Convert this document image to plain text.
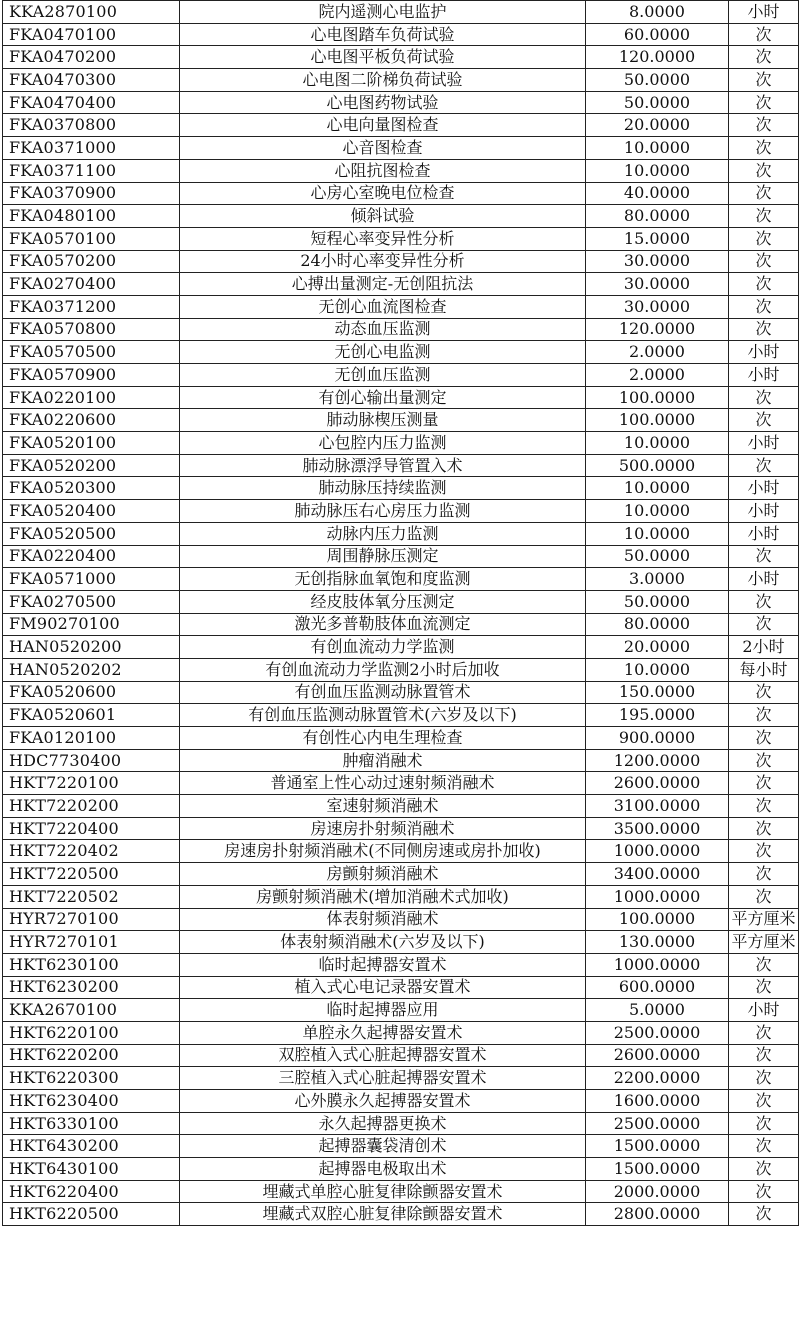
KKA2870100	院内遥测心电监护	8.0000	小时
FKA0470100	心电图踏车负荷试验	60.0000	次
FKA0470200	心电图平板负荷试验	120.0000	次
FKA0470300	心电图二阶梯负荷试验	50.0000	次
FKA0470400	心电图药物试验	50.0000	次
FKA0370800	心电向量图检查	20.0000	次
FKA0371000	心音图检查	10.0000	次
FKA0371100	心阻抗图检查	10.0000	次
FKA0370900	心房心室晚电位检查	40.0000	次
FKA0480100	倾斜试验	80.0000	次
FKA0570100	短程心率变异性分析	15.0000	次
FKA0570200	24小时心率变异性分析	30.0000	次
FKA0270400	心搏出量测定-无创阻抗法	30.0000	次
FKA0371200	无创心血流图检查	30.0000	次
FKA0570800	动态血压监测	120.0000	次
FKA0570500	无创心电监测	2.0000	小时
FKA0570900	无创血压监测	2.0000	小时
FKA0220100	有创心输出量测定	100.0000	次
FKA0220600	肺动脉楔压测量	100.0000	次
FKA0520100	心包腔内压力监测	10.0000	小时
FKA0520200	肺动脉漂浮导管置入术	500.0000	次
FKA0520300	肺动脉压持续监测	10.0000	小时
FKA0520400	肺动脉压右心房压力监测	10.0000	小时
FKA0520500	动脉内压力监测	10.0000	小时
FKA0220400	周围静脉压测定	50.0000	次
FKA0571000	无创指脉血氧饱和度监测	3.0000	小时
FKA0270500	经皮肢体氧分压测定	50.0000	次
FM90270100	激光多普勒肢体血流测定	80.0000	次
HAN0520200	有创血流动力学监测	20.0000	2小时
HAN0520202	有创血流动力学监测2小时后加收	10.0000	每小时
FKA0520600	有创血压监测动脉置管术	150.0000	次
FKA0520601	有创血压监测动脉置管术(六岁及以下)	195.0000	次
FKA0120100	有创性心内电生理检查	900.0000	次
HDC7730400	肿瘤消融术	1200.0000	次
HKT7220100	普通室上性心动过速射频消融术	2600.0000	次
HKT7220200	室速射频消融术	3100.0000	次
HKT7220400	房速房扑射频消融术	3500.0000	次
HKT7220402	房速房扑射频消融术(不同侧房速或房扑加收)	1000.0000	次
HKT7220500	房颤射频消融术	3400.0000	次
HKT7220502	房颤射频消融术(增加消融术式加收)	1000.0000	次
HYR7270100	体表射频消融术	100.0000	平方厘米
HYR7270101	体表射频消融术(六岁及以下)	130.0000	平方厘米
HKT6230100	临时起搏器安置术	1000.0000	次
HKT6230200	植入式心电记录器安置术	600.0000	次
KKA2670100	临时起搏器应用	5.0000	小时
HKT6220100	单腔永久起搏器安置术	2500.0000	次
HKT6220200	双腔植入式心脏起搏器安置术	2600.0000	次
HKT6220300	三腔植入式心脏起搏器安置术	2200.0000	次
HKT6230400	心外膜永久起搏器安置术	1600.0000	次
HKT6330100	永久起搏器更换术	2500.0000	次
HKT6430200	起搏器囊袋清创术	1500.0000	次
HKT6430100	起搏器电极取出术	1500.0000	次
HKT6220400	埋藏式单腔心脏复律除颤器安置术	2000.0000	次
HKT6220500	埋藏式双腔心脏复律除颤器安置术	2800.0000	次
